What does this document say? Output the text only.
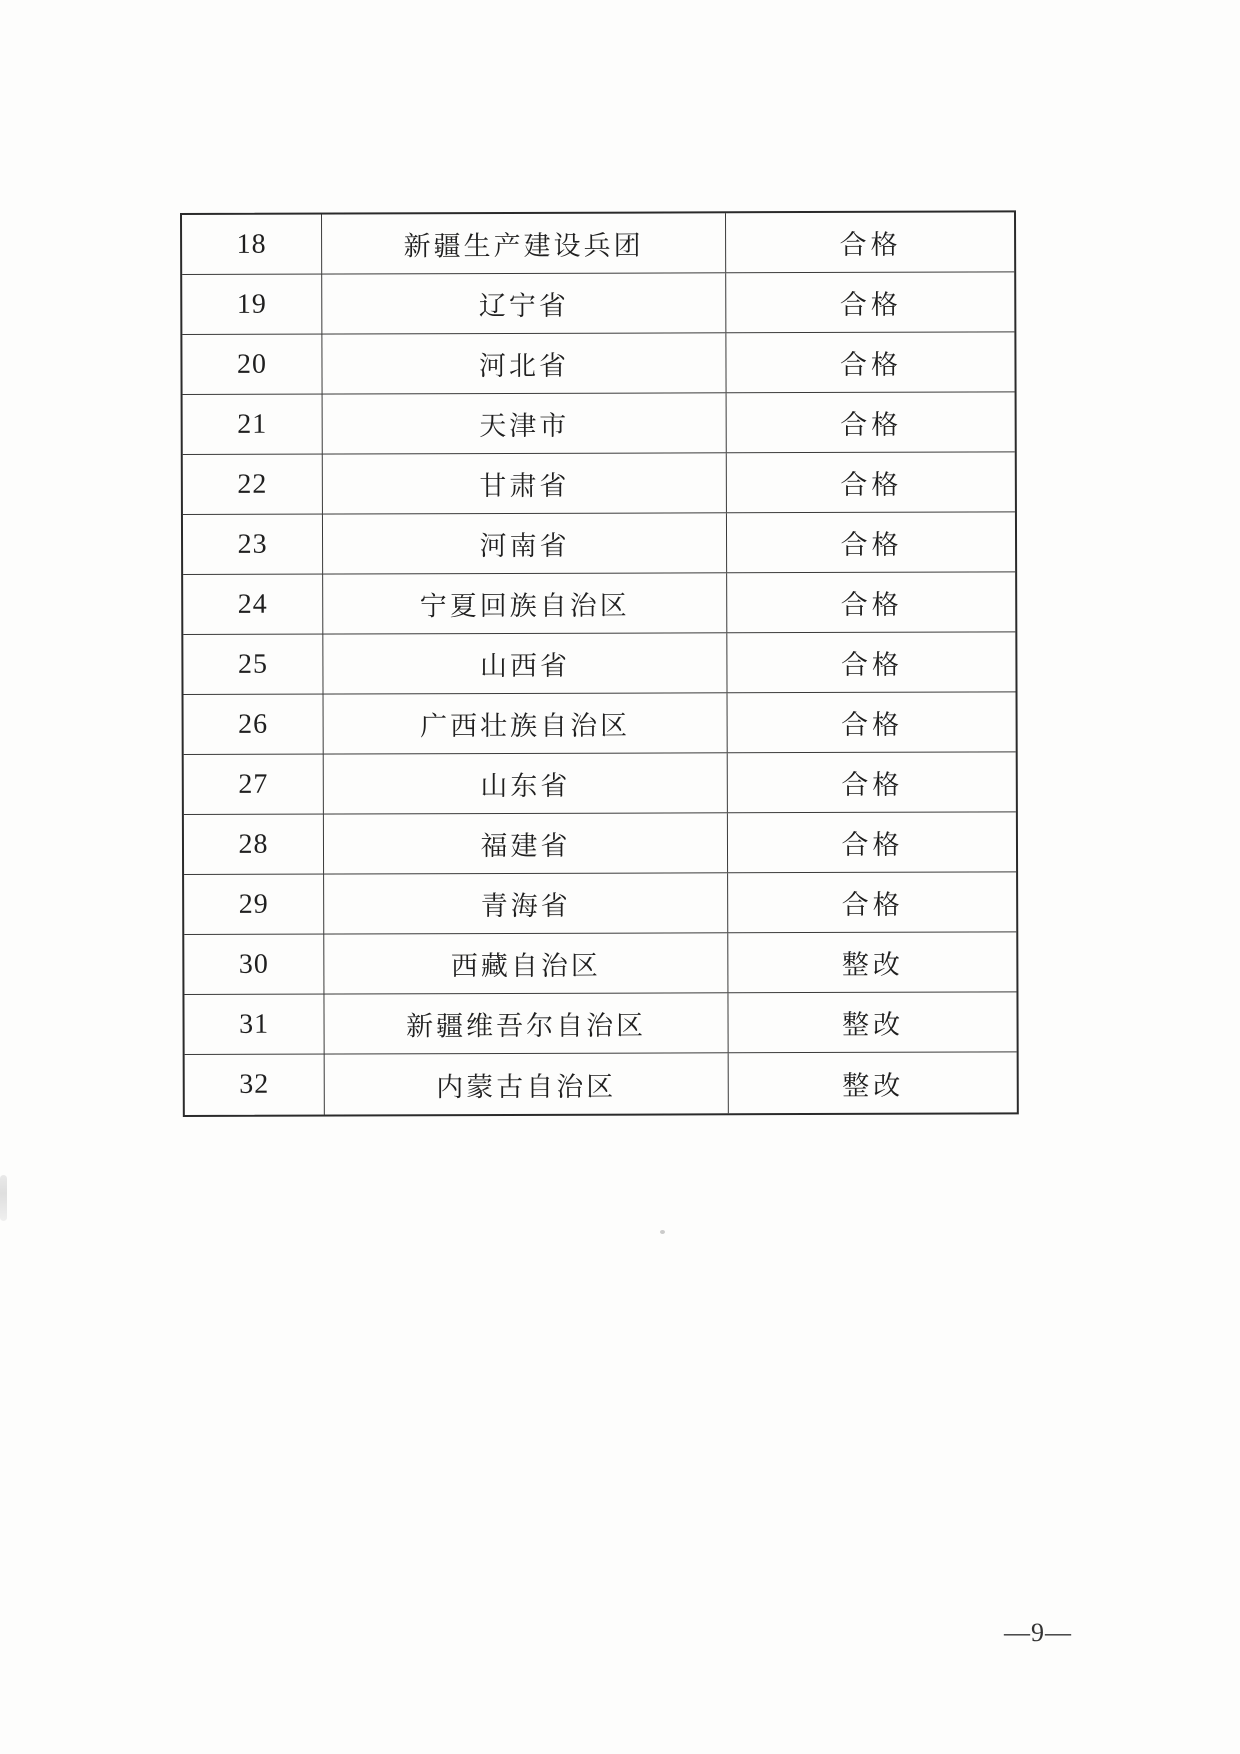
18	新疆生产建设兵团	合格
19	辽宁省	合格
20	河北省	合格
21	天津市	合格
22	甘肃省	合格
23	河南省	合格
24	宁夏回族自治区	合格
25	山西省	合格
26	广西壮族自治区	合格
27	山东省	合格
28	福建省	合格
29	青海省	合格
30	西藏自治区	整改
31	新疆维吾尔自治区	整改
32	内蒙古自治区	整改
—9—
